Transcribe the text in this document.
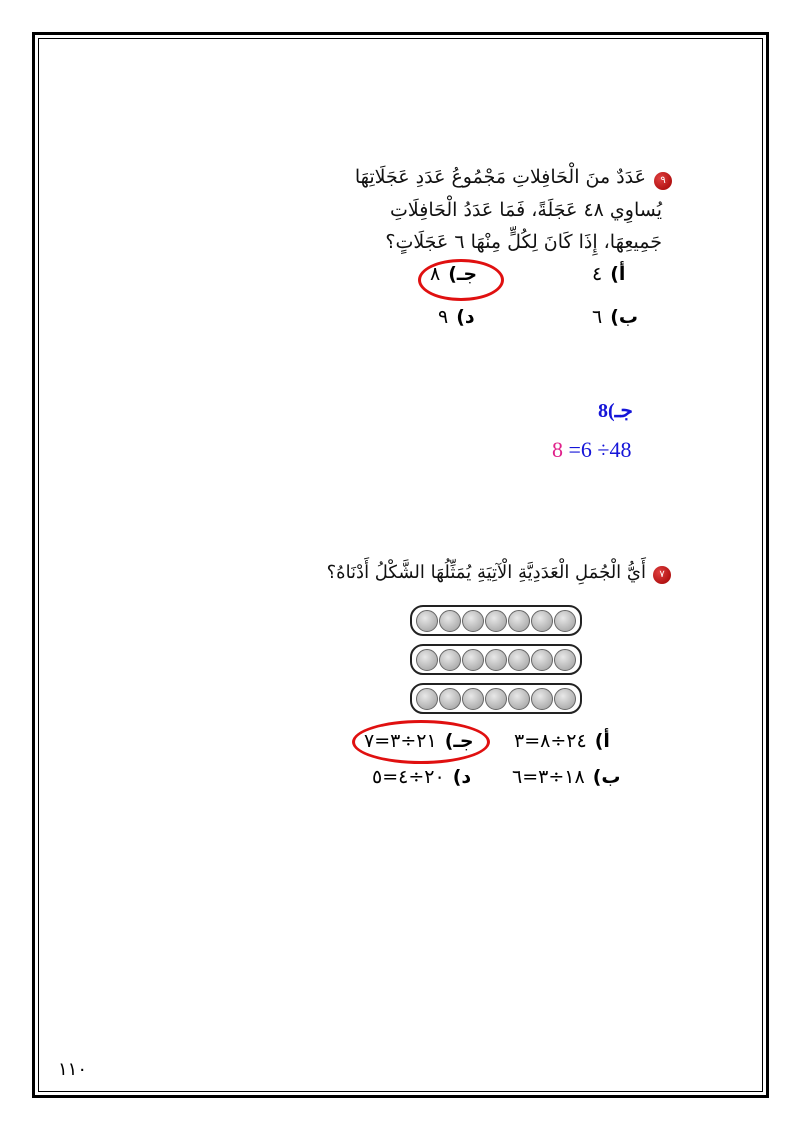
٩
عَدَدٌ منَ الْحَافِلاتِ مَجْمُوعُ عَدَدِ عَجَلَاتِهَا
يُساوِي ٤٨ عَجَلَةً، فَمَا عَدَدُ الْحَافِلَاتِ
جَمِيعِهَا، إِذَا كَانَ لِكُلٍّ مِنْهَا ٦ عَجَلَاتٍ؟
أ)٤
جـ)٨
ب)٦
د)٩
جـ)8
8 =6 ÷48
٧
أَيُّ الْجُمَلِ الْعَدَدِيَّةِ الْآتِيَةِ يُمَثِّلُهَا الشَّكْلُ أَدْنَاهُ؟
أ)٢٤÷٨=٣
جـ)٢١÷٣=٧
ب)١٨÷٣=٦
د)٢٠÷٤=٥
١١٠
